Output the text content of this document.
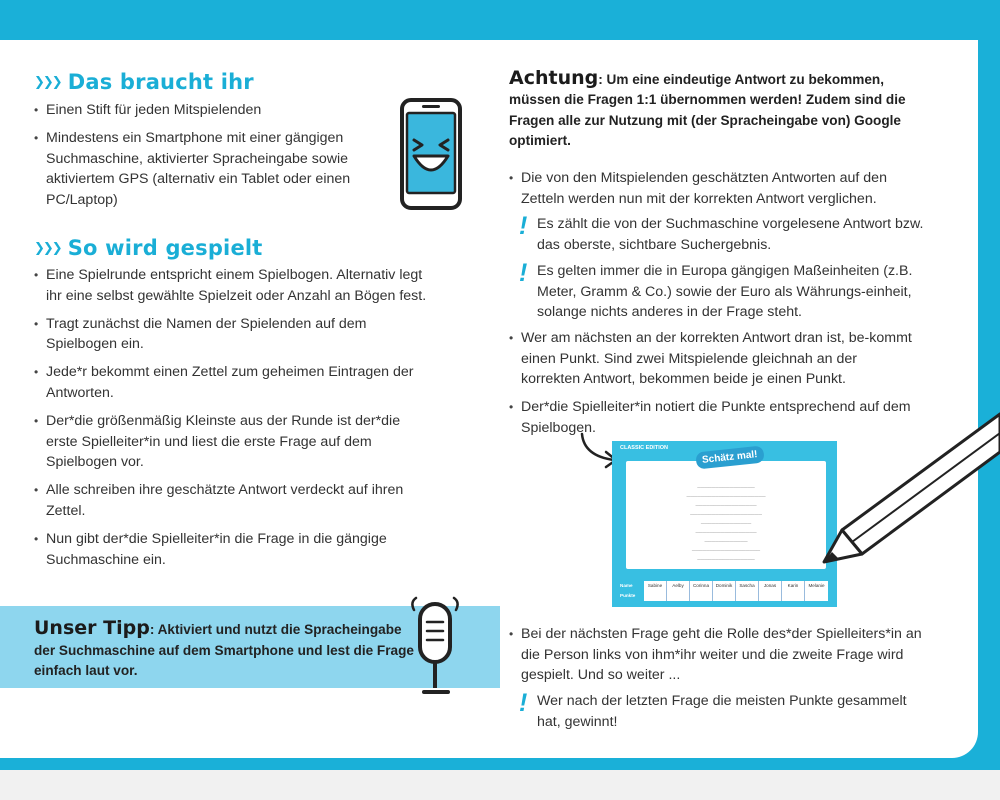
❯❯❯ Das braucht ihr
• Einen Stift für jeden Mitspielenden
• Mindestens ein Smartphone mit einer gängigen Suchmaschine, aktivierter Spracheingabe sowie aktiviertem GPS (alternativ ein Tablet oder einen PC/Laptop)
❯❯❯ So wird gespielt
• Eine Spielrunde entspricht einem Spielbogen. Alternativ legt ihr eine selbst gewählte Spielzeit oder Anzahl an Bögen fest.
• Tragt zunächst die Namen der Spielenden auf dem Spielbogen ein.
• Jede*r bekommt einen Zettel zum geheimen Eintragen der Antworten.
• Der*die größenmäßig Kleinste aus der Runde ist der*die erste Spielleiter*in und liest die erste Frage auf dem Spielbogen vor.
• Alle schreiben ihre geschätzte Antwort verdeckt auf ihren Zettel.
• Nun gibt der*die Spielleiter*in die Frage in die gängige Suchmaschine ein.
Unser Tipp: Aktiviert und nutzt die Spracheingabe der Suchmaschine auf dem Smartphone und lest die Frage einfach laut vor.
Achtung: Um eine eindeutige Antwort zu bekommen, müssen die Fragen 1:1 übernommen werden! Zudem sind die Fragen alle zur Nutzung mit (der Spracheingabe von) Google optimiert.
• Die von den Mitspielenden geschätzten Antworten auf den Zetteln werden nun mit der korrekten Antwort verglichen.
! Es zählt die von der Suchmaschine vorgelesene Antwort bzw. das oberste, sichtbare Suchergebnis.
! Es gelten immer die in Europa gängigen Maßeinheiten (z.B. Meter, Gramm & Co.) sowie der Euro als Währungs-einheit, solange nichts anderes in der Frage steht.
• Wer am nächsten an der korrekten Antwort dran ist, be-kommt einen Punkt. Sind zwei Mitspielende gleichnah an der korrekten Antwort, bekommen beide je einen Punkt.
• Der*die Spielleiter*in notiert die Punkte entsprechend auf dem Spielbogen.
CLASSIC EDITION
————————————————
——————————————————————
—————————————————
————————————————————
——————————————
—————————————————
————————————
———————————————————
————————————————
Schätz mal!
Name
Punkte
Sabine	Aelby	Corinna	Dominik	Sascha	Jonas	Karin	Melanie
• Bei der nächsten Frage geht die Rolle des*der Spielleiters*in an die Person links von ihm*ihr weiter und die zweite Frage wird gespielt. Und so weiter ...
! Wer nach der letzten Frage die meisten Punkte gesammelt hat, gewinnt!
